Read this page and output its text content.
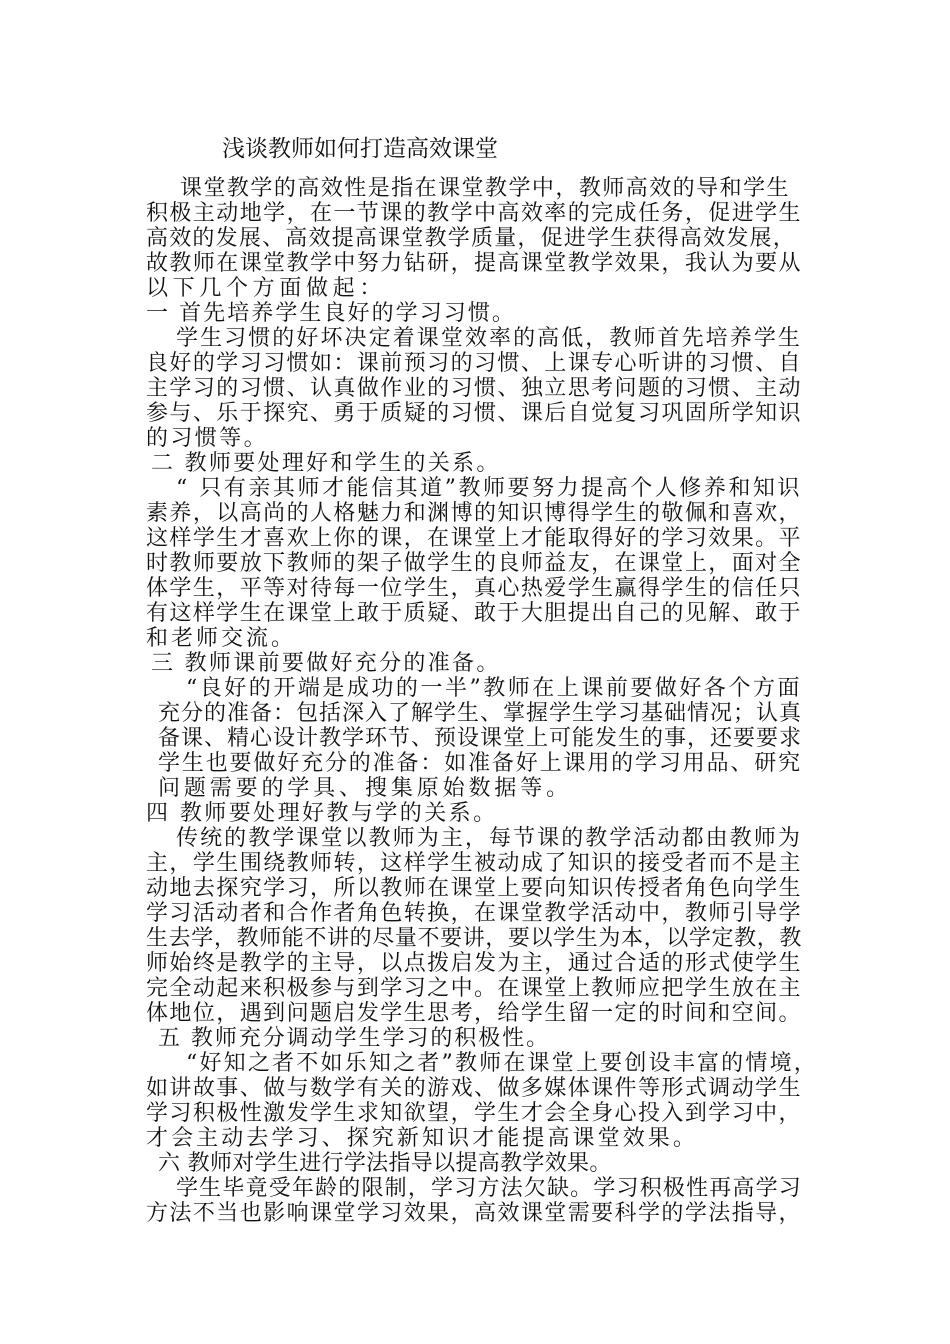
浅谈教师如何打造高效课堂
课堂教学的高效性是指在课堂教学中，教师高效的导和学生
积极主动地学，在一节课的教学中高效率的完成任务，促进学生
高效的发展、高效提高课堂教学质量，促进学生获得高效发展，
故教师在课堂教学中努力钻研，提高课堂教学效果，我认为要从
以下几个方面做起：
一 首先培养学生良好的学习习惯。
学生习惯的好坏决定着课堂效率的高低，教师首先培养学生
良好的学习习惯如：课前预习的习惯、上课专心听讲的习惯、自
主学习的习惯、认真做作业的习惯、独立思考问题的习惯、主动
参与、乐于探究、勇于质疑的习惯、课后自觉复习巩固所学知识
的习惯等。
二 教师要处理好和学生的关系。
“ 只有亲其师才能信其道”教师要努力提高个人修养和知识
素养，以高尚的人格魅力和渊博的知识博得学生的敬佩和喜欢，
这样学生才喜欢上你的课，在课堂上才能取得好的学习效果。平
时教师要放下教师的架子做学生的良师益友，在课堂上，面对全
体学生，平等对待每一位学生，真心热爱学生赢得学生的信任只
有这样学生在课堂上敢于质疑、敢于大胆提出自己的见解、敢于
和老师交流。
三 教师课前要做好充分的准备。
“良好的开端是成功的一半”教师在上课前要做好各个方面
充分的准备：包括深入了解学生、掌握学生学习基础情况；认真
备课、精心设计教学环节、预设课堂上可能发生的事，还要要求
学生也要做好充分的准备：如准备好上课用的学习用品、研究
问题需要的学具、搜集原始数据等。
四 教师要处理好教与学的关系。
传统的教学课堂以教师为主，每节课的教学活动都由教师为
主，学生围绕教师转，这样学生被动成了知识的接受者而不是主
动地去探究学习，所以教师在课堂上要向知识传授者角色向学生
学习活动者和合作者角色转换，在课堂教学活动中，教师引导学
生去学，教师能不讲的尽量不要讲，要以学生为本，以学定教，教
师始终是教学的主导，以点拨启发为主，通过合适的形式使学生
完全动起来积极参与到学习之中。在课堂上教师应把学生放在主
体地位，遇到问题启发学生思考，给学生留一定的时间和空间。
五 教师充分调动学生学习的积极性。
“好知之者不如乐知之者”教师在课堂上要创设丰富的情境，
如讲故事、做与数学有关的游戏、做多媒体课件等形式调动学生
学习积极性激发学生求知欲望，学生才会全身心投入到学习中，
才会主动去学习、探究新知识才能提高课堂效果。
六 教师对学生进行学法指导以提高教学效果。
学生毕竟受年龄的限制，学习方法欠缺。学习积极性再高学习
方法不当也影响课堂学习效果，高效课堂需要科学的学法指导，
